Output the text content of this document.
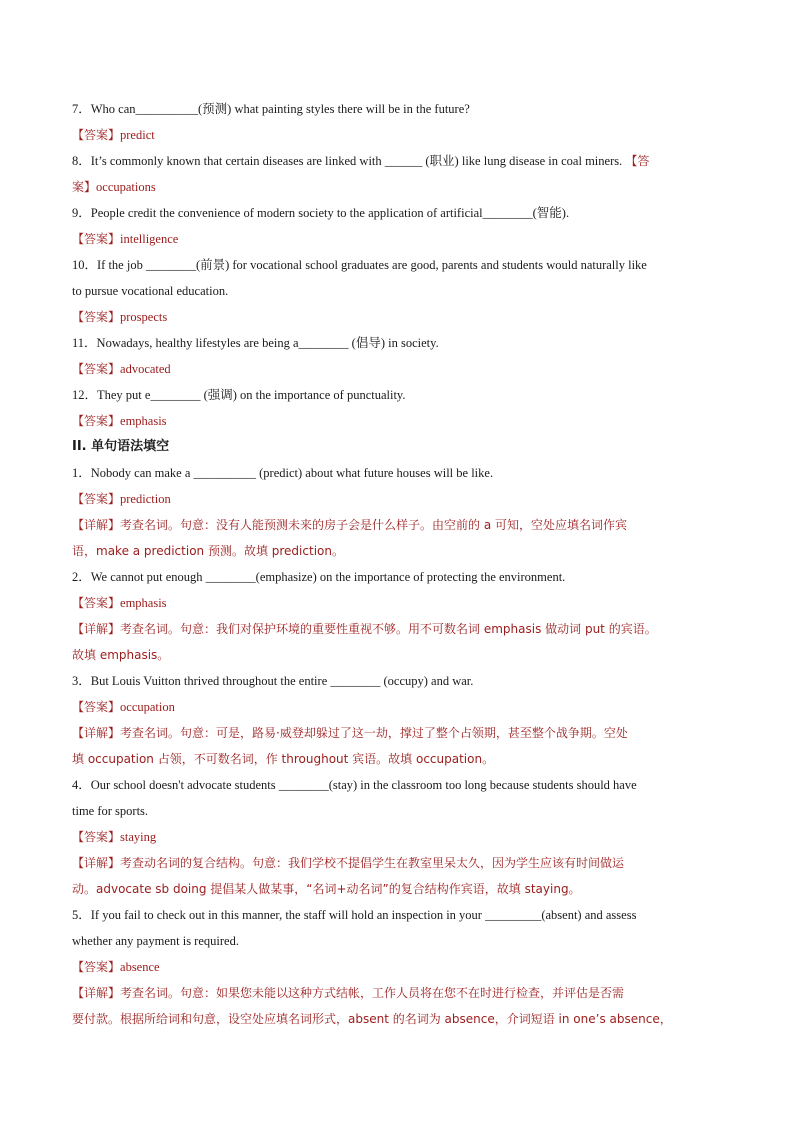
7．Who can__________(预测) what painting styles there will be in the future?
【答案】predict
8．It’s commonly known that certain diseases are linked with ______ (职业) like lung disease in coal miners. 【答
案】occupations
9．People credit the convenience of modern society to the application of artificial________(智能).
【答案】intelligence
10．If the job ________(前景) for vocational school graduates are good, parents and students would naturally like
to pursue vocational education.
【答案】prospects
11．Nowadays, healthy lifestyles are being a________ (倡导) in society.
【答案】advocated
12．They put e________ (强调) on the importance of punctuality.
【答案】emphasis
II. 单句语法填空
1．Nobody can make a __________ (predict) about what future houses will be like.
【答案】prediction
【详解】考查名词。句意：没有人能预测未来的房子会是什么样子。由空前的 a 可知，空处应填名词作宾
语，make a prediction 预测。故填 prediction。
2．We cannot put enough ________(emphasize) on the importance of protecting the environment.
【答案】emphasis
【详解】考查名词。句意：我们对保护环境的重要性重视不够。用不可数名词 emphasis 做动词 put 的宾语。
故填 emphasis。
3．But Louis Vuitton thrived throughout the entire ________ (occupy) and war.
【答案】occupation
【详解】考查名词。句意：可是，路易·威登却躲过了这一劫，撑过了整个占领期，甚至整个战争期。空处
填 occupation 占领，不可数名词，作 throughout 宾语。故填 occupation。
4．Our school doesn't advocate students ________(stay) in the classroom too long because students should have
time for sports.
【答案】staying
【详解】考查动名词的复合结构。句意：我们学校不提倡学生在教室里呆太久，因为学生应该有时间做运
动。advocate sb doing 提倡某人做某事，“名词+动名词”的复合结构作宾语，故填 staying。
5．If you fail to check out in this manner, the staff will hold an inspection in your _________(absent) and assess
whether any payment is required.
【答案】absence
【详解】考查名词。句意：如果您未能以这种方式结帐，工作人员将在您不在时进行检查，并评估是否需
要付款。根据所给词和句意，设空处应填名词形式，absent 的名词为 absence，介词短语 in one’s absence，
